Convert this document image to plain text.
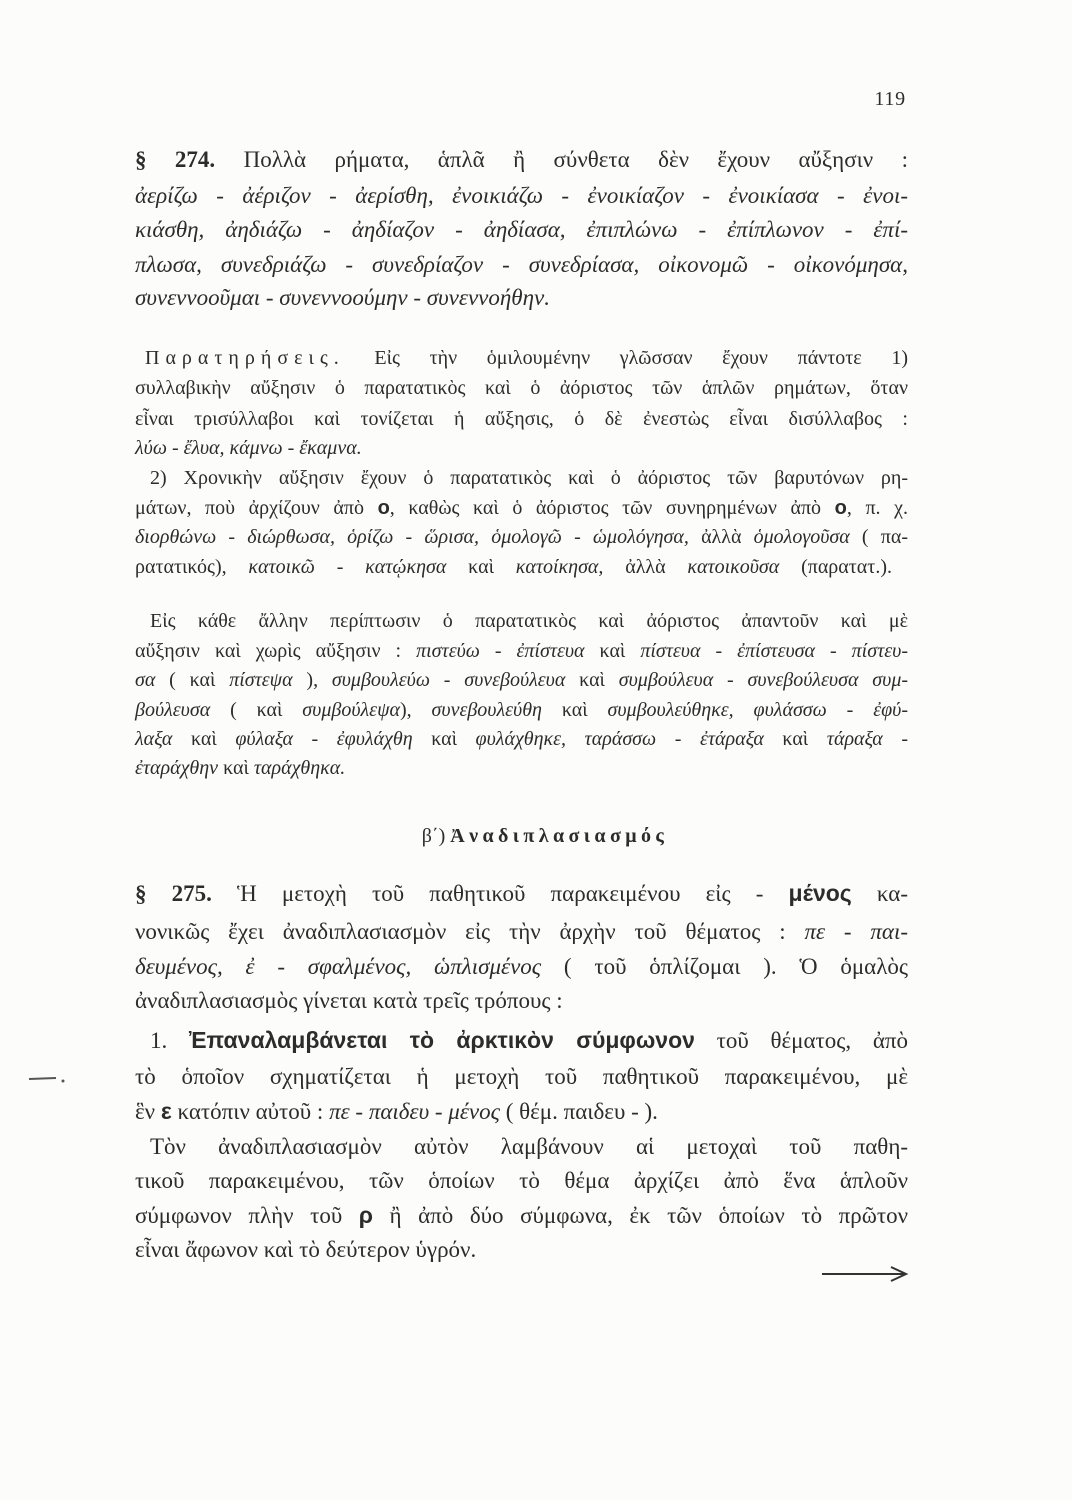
119
§ 274. Πολλὰ ρήματα, ἁπλᾶ ἢ σύνθετα δὲν ἔχουν αὔξησιν :
ἀερίζω - ἀέριζον - ἀερίσθη, ἐνοικιάζω - ἐνοικίαζον - ἐνοικίασα - ἐνοι-
κιάσθη, ἀηδιάζω - ἀηδίαζον - ἀηδίασα, ἐπιπλώνω - ἐπίπλωνον - ἐπί-
πλωσα, συνεδριάζω - συνεδρίαζον - συνεδρίασα, οἰκονομῶ - οἰκονόμησα,
συνεννοοῦμαι - συνεννοούμην - συνεννοήθην.
Παρατηρήσεις. Εἰς τὴν ὁμιλουμένην γλῶσσαν ἔχουν πάντοτε 1)
συλλαβικὴν αὔξησιν ὁ παρατατικὸς καὶ ὁ ἀόριστος τῶν ἁπλῶν ρημάτων, ὅταν
εἶναι τρισύλλαβοι καὶ τονίζεται ἡ αὔξησις, ὁ δὲ ἐνεστὼς εἶναι δισύλλαβος :
λύω - ἔλυα, κάμνω - ἔκαμνα.
2) Χρονικὴν αὔξησιν ἔχουν ὁ παρατατικὸς καὶ ὁ ἀόριστος τῶν βαρυτόνων ρη-
μάτων, ποὺ ἀρχίζουν ἀπὸ ο, καθὼς καὶ ὁ ἀόριστος τῶν συνηρημένων ἀπὸ ο, π. χ.
διορθώνω - διώρθωσα, ὁρίζω - ὥρισα, ὁμολογῶ - ὡμολόγησα, ἀλλὰ ὁμολογοῦσα ( πα-
ρατατικός), κατοικῶ - κατῴκησα καὶ κατοίκησα, ἀλλὰ κατοικοῦσα (παρατατ.).
Εἰς κάθε ἄλλην περίπτωσιν ὁ παρατατικὸς καὶ ἀόριστος ἀπαντοῦν καὶ μὲ
αὔξησιν καὶ χωρὶς αὔξησιν : πιστεύω - ἐπίστευα καὶ πίστευα - ἐπίστευσα - πίστευ-
σα ( καὶ πίστεψα ), συμβουλεύω - συνεβούλευα καὶ συμβούλευα - συνεβούλευσα συμ-
βούλευσα ( καὶ συμβούλεψα), συνεβουλεύθη καὶ συμβουλεύθηκε, φυλάσσω - ἐφύ-
λαξα καὶ φύλαξα - ἐφυλάχθη καὶ φυλάχθηκε, ταράσσω - ἐτάραξα καὶ τάραξα -
ἐταράχθην καὶ ταράχθηκα.
β΄) Ἀναδιπλασιασμός
§ 275. Ἡ μετοχὴ τοῦ παθητικοῦ παρακειμένου εἰς - μένος κα-
νονικῶς ἔχει ἀναδιπλασιασμὸν εἰς τὴν ἀρχὴν τοῦ θέματος : πε - παι-
δευμένος, ἐ - σφαλμένος, ὡπλισμένος ( τοῦ ὁπλίζομαι ). Ὁ ὁμαλὸς
ἀναδιπλασιασμὸς γίνεται κατὰ τρεῖς τρόπους :
1. Ἐπαναλαμβάνεται τὸ ἀρκτικὸν σύμφωνον τοῦ θέματος, ἀπὸ
τὸ ὁποῖον σχηματίζεται ἡ μετοχὴ τοῦ παθητικοῦ παρακειμένου, μὲ
ἓν ε κατόπιν αὐτοῦ : πε - παιδευ - μένος ( θέμ. παιδευ - ).
Τὸν ἀναδιπλασιασμὸν αὐτὸν λαμβάνουν αἱ μετοχαὶ τοῦ παθη-
τικοῦ παρακειμένου, τῶν ὁποίων τὸ θέμα ἀρχίζει ἀπὸ ἕνα ἁπλοῦν
σύμφωνον πλὴν τοῦ ρ ἢ ἀπὸ δύο σύμφωνα, ἐκ τῶν ὁποίων τὸ πρῶτον
εἶναι ἄφωνον καὶ τὸ δεύτερον ὑγρόν.
